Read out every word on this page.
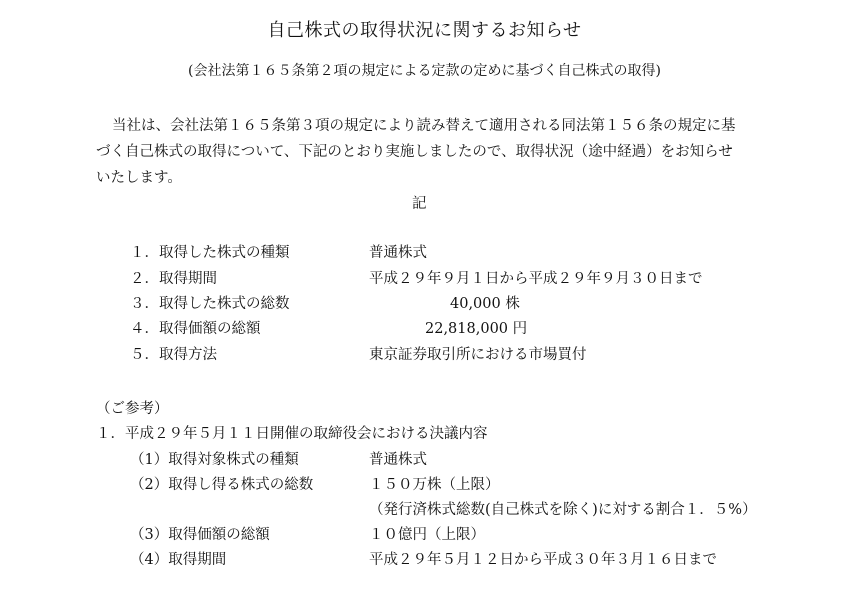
自己株式の取得状況に関するお知らせ
(会社法第１６５条第２項の規定による定款の定めに基づく自己株式の取得)
当社は、会社法第１６５条第３項の規定により読み替えて適用される同法第１５６条の規定に基
づく自己株式の取得について、下記のとおり実施しましたので、取得状況（途中経過）をお知らせ
いたします。
記
１．取得した株式の種類	普通株式
２．取得期間	平成２９年９月１日から平成２９年９月３０日まで
３．取得した株式の総数	40,000 株
４．取得価額の総額	22,818,000 円
５．取得方法	東京証券取引所における市場買付
（ご参考）
１．平成２９年５月１１日開催の取締役会における決議内容
（1）取得対象株式の種類	普通株式
（2）取得し得る株式の総数	１５０万株（上限）
（発行済株式総数(自己株式を除く)に対する割合１．５%）
（3）取得価額の総額	１０億円（上限）
（4）取得期間	平成２９年５月１２日から平成３０年３月１６日まで
